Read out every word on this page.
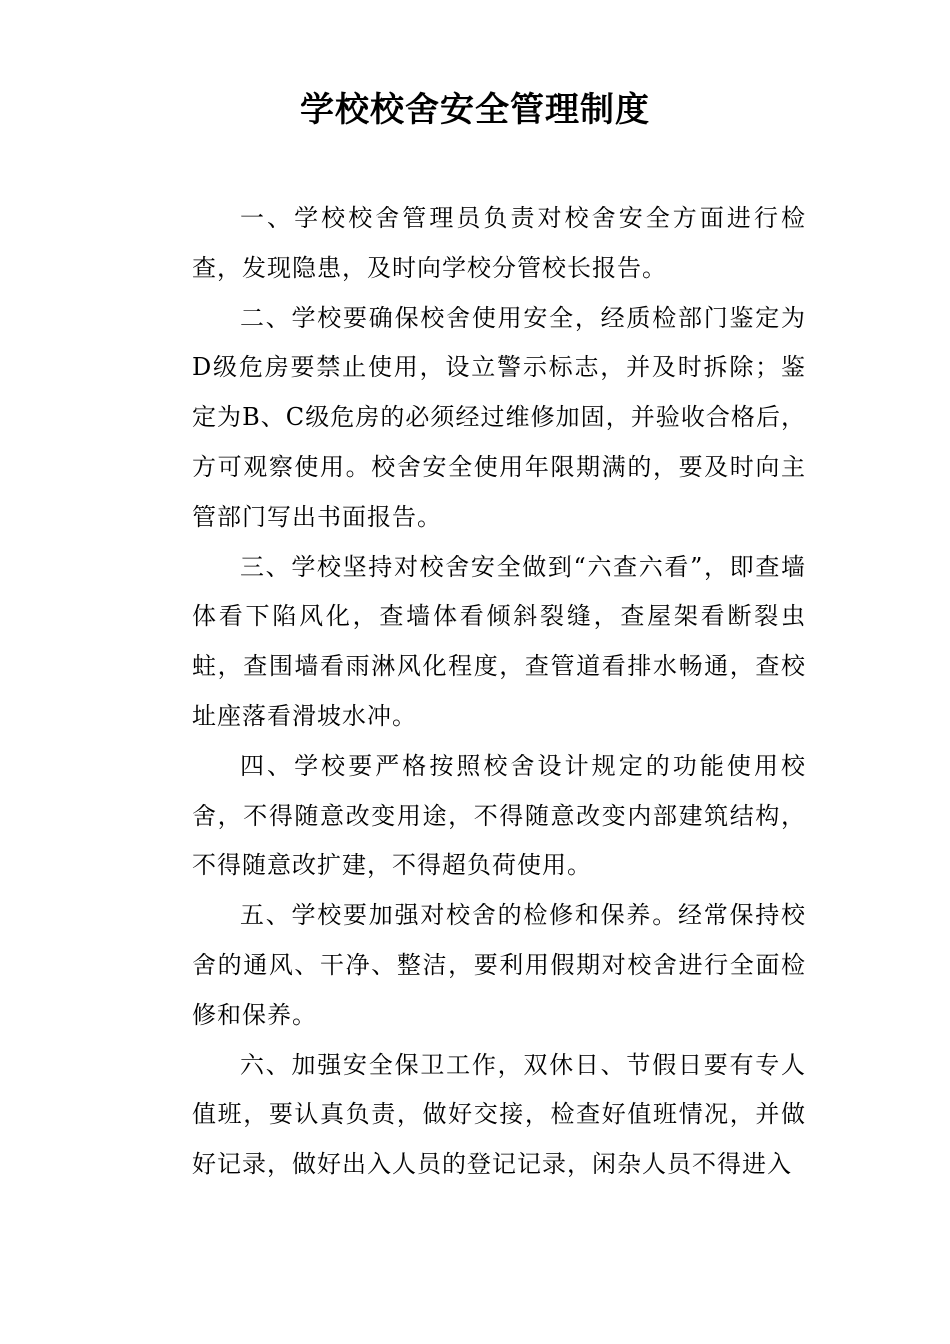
学校校舍安全管理制度

一、学校校舍管理员负责对校舍安全方面进行检查，发现隐患，及时向学校分管校长报告。

二、学校要确保校舍使用安全，经质检部门鉴定为D级危房要禁止使用，设立警示标志，并及时拆除；鉴定为B、C级危房的必须经过维修加固，并验收合格后，方可观察使用。校舍安全使用年限期满的，要及时向主管部门写出书面报告。

三、学校坚持对校舍安全做到“六查六看”，即查墙体看下陷风化，查墙体看倾斜裂缝，查屋架看断裂虫蛀，查围墙看雨淋风化程度，查管道看排水畅通，查校址座落看滑坡水冲。

四、学校要严格按照校舍设计规定的功能使用校舍，不得随意改变用途，不得随意改变内部建筑结构，不得随意改扩建，不得超负荷使用。

五、学校要加强对校舍的检修和保养。经常保持校舍的通风、干净、整洁，要利用假期对校舍进行全面检修和保养。

六、加强安全保卫工作，双休日、节假日要有专人值班，要认真负责，做好交接，检查好值班情况，并做好记录，做好出入人员的登记记录，闲杂人员不得进入
